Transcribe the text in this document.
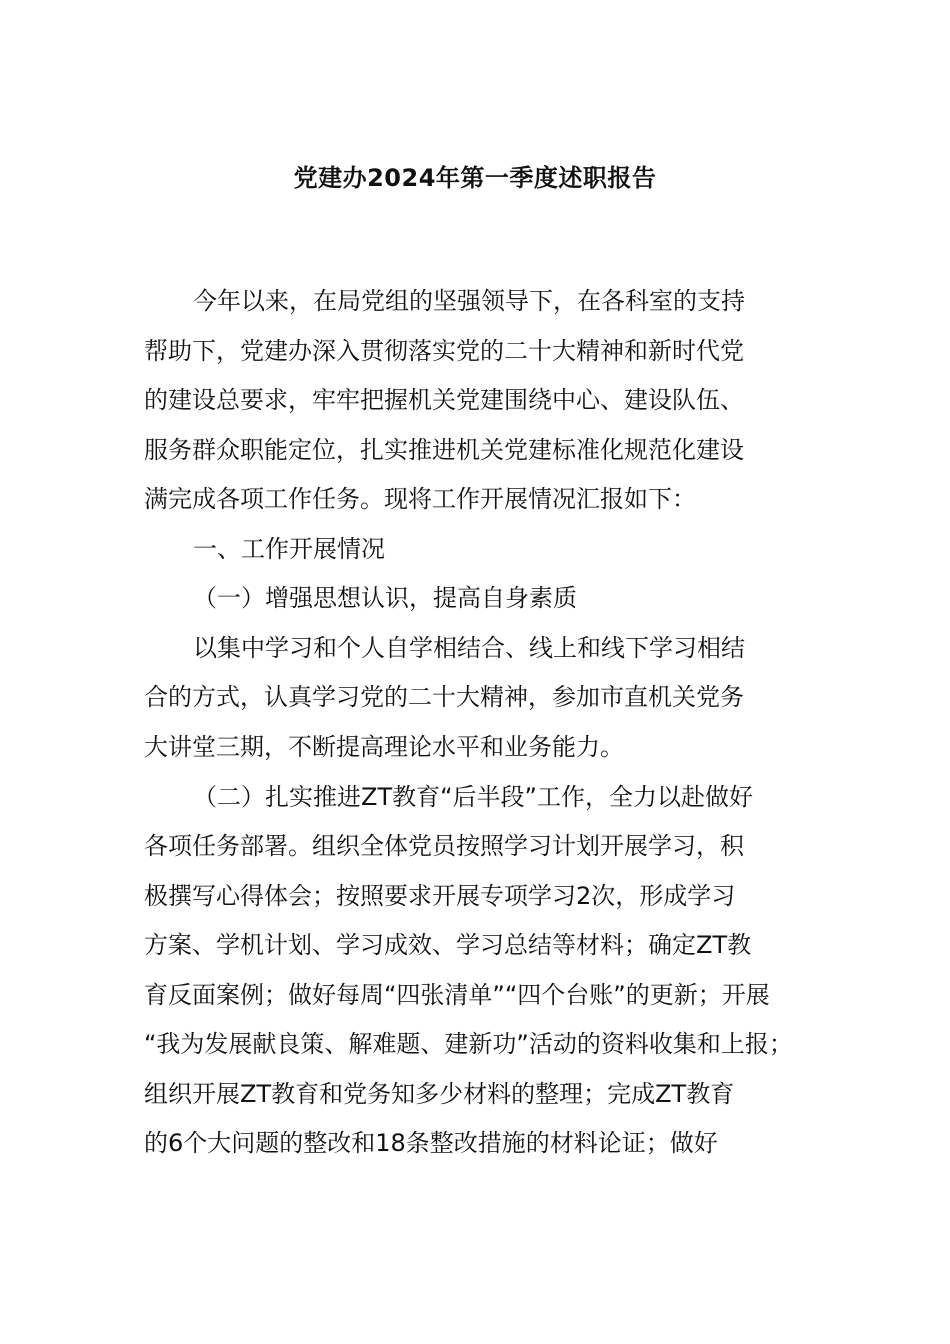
党建办2024年第一季度述职报告

今年以来，在局党组的坚强领导下，在各科室的支持

帮助下，党建办深入贯彻落实党的二十大精神和新时代党

的建设总要求，牢牢把握机关党建围绕中心、建设队伍、

服务群众职能定位，扎实推进机关党建标准化规范化建设

满完成各项工作任务。现将工作开展情况汇报如下：

一、工作开展情况

（一）增强思想认识，提高自身素质

以集中学习和个人自学相结合、线上和线下学习相结

合的方式，认真学习党的二十大精神，参加市直机关党务

大讲堂三期，不断提高理论水平和业务能力。

（二）扎实推进ZT教育“后半段”工作，全力以赴做好

各项任务部署。组织全体党员按照学习计划开展学习，积

极撰写心得体会；按照要求开展专项学习2次，形成学习

方案、学机计划、学习成效、学习总结等材料；确定ZT教

育反面案例；做好每周“四张清单”“四个台账”的更新；开展

“我为发展献良策、解难题、建新功”活动的资料收集和上报；

组织开展ZT教育和党务知多少材料的整理；完成ZT教育

的6个大问题的整改和18条整改措施的材料论证；做好
